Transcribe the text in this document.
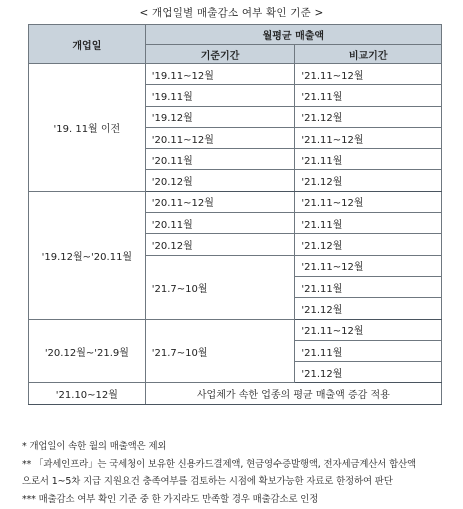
< 개업일별 매출감소 여부 확인 기준 >
개업일	월평균 매출액	
	기준기간	비교기간
'19. 11월 이전	'19.11~12월	'21.11~12월
	'19.11월	'21.11월
	'19.12월	'21.12월
	'20.11~12월	'21.11~12월
	'20.11월	'21.11월
	'20.12월	'21.12월
'19.12월~'20.11월	'20.11~12월	'21.11~12월
	'20.11월	'21.11월
	'20.12월	'21.12월
	'21.7~10월	'21.11~12월
		'21.11월
		'21.12월
'20.12월~'21.9월	'21.7~10월	'21.11~12월
		'21.11월
		'21.12월
'21.10~12월	사업체가 속한 업종의 평균 매출액 증감 적용	
* 개업일이 속한 월의 매출액은 제외
** 「과세인프라」는 국세청이 보유한 신용카드결제액, 현금영수증발행액, 전자세금계산서 합산액
으로서 1~5차 지급 지원요건 충족여부를 검토하는 시점에 확보가능한 자료로 한정하여 판단
*** 매출감소 여부 확인 기준 중 한 가지라도 만족할 경우 매출감소로 인정
